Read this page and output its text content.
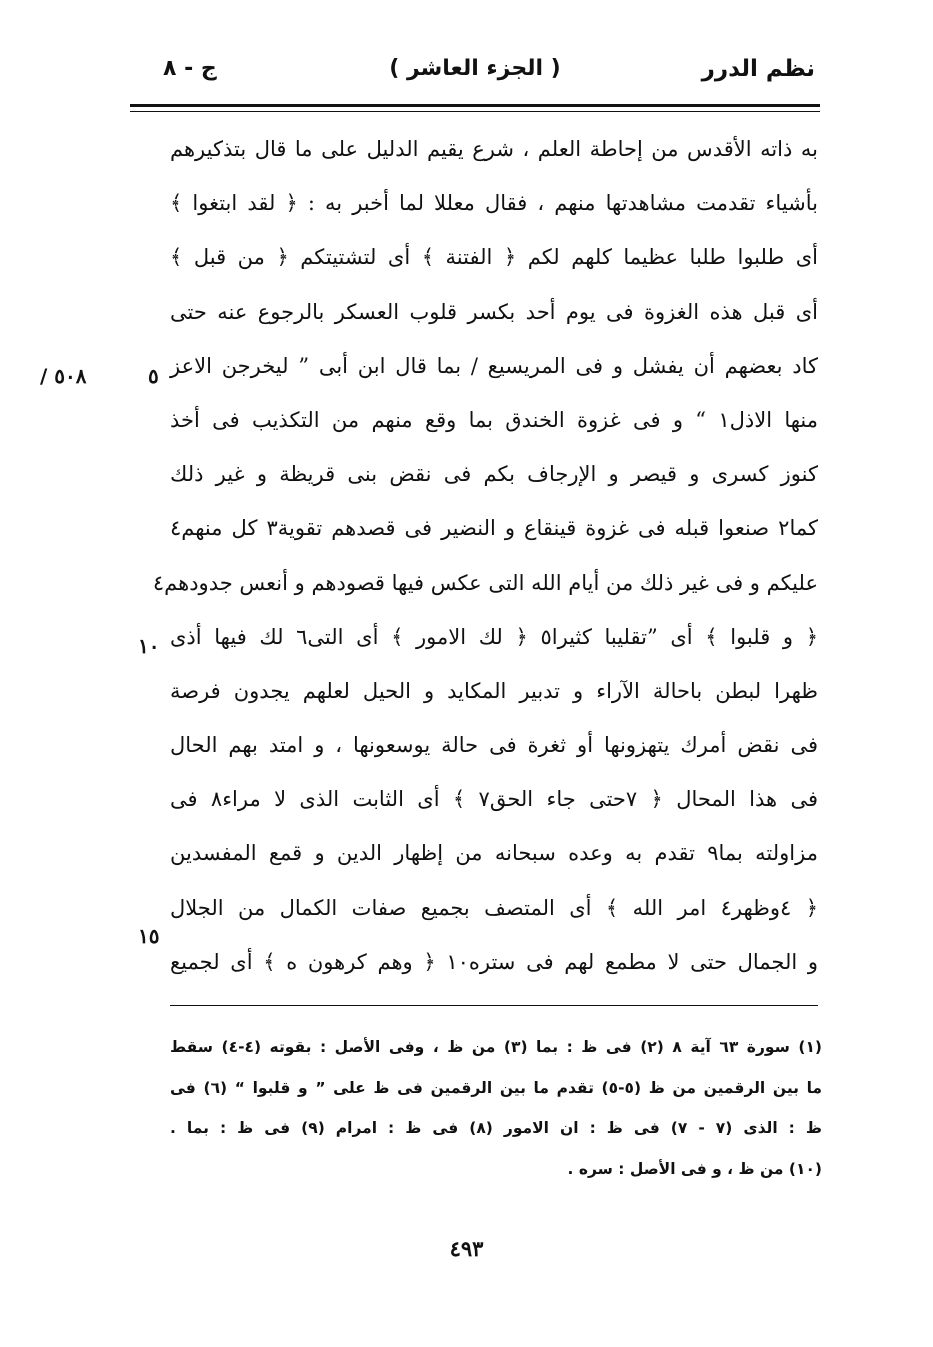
نظم الدرر
( الجزء العاشر )
ج - ٨
٥٠٨ /	٥
١٠
١٥
به ذاته الأقدس من إحاطة العلم ، شرع يقيم الدليل على ما قال بتذكيرهم
بأشياء تقدمت مشاهدتها منهم ، فقال معللا لما أخبر به : ﴿ لقد ابتغوا ﴾
أى طلبوا طلبا عظيما كلهم لكم ﴿ الفتنة ﴾ أى لتشتيتكم ﴿ من قبل ﴾
أى قبل هذه الغزوة فى يوم أحد بكسر قلوب العسكر بالرجوع عنه حتى
كاد بعضهم أن يفشل و فى المريسيع / بما قال ابن أبى ” ليخرجن الاعز
منها الاذل١ “ و فى غزوة الخندق بما وقع منهم من التكذيب فى أخذ
كنوز كسرى و قيصر و الإرجاف بكم فى نقض بنى قريظة و غير ذلك
كما٢ صنعوا قبله فى غزوة قينقاع و النضير فى قصدهم تقوية٣ كل منهم٤
عليكم و فى غير ذلك من أيام الله التى عكس فيها قصودهم و أنعس جدودهم٤
﴿ و قلبوا ﴾ أى ”تقليبا كثيرا٥ ﴿ لك الامور ﴾ أى التى٦ لك فيها أذى
ظهرا لبطن باحالة الآراء و تدبير المكايد و الحيل لعلهم يجدون فرصة
فى نقض أمرك يتهزونها أو ثغرة فى حالة يوسعونها ، و امتد بهم الحال
فى هذا المحال ﴿ ٧حتى جاء الحق٧ ﴾ أى الثابت الذى لا مراء٨ فى
مزاولته بما٩ تقدم به وعده سبحانه من إظهار الدين و قمع المفسدين
﴿ ٤وظهر٤ امر الله ﴾ أى المتصف بجميع صفات الكمال من الجلال
و الجمال حتى لا مطمع لهم فى ستره١٠ ﴿ وهم كرهون ه ﴾ أى لجميع
(١) سورة ٦٣ آية ٨ (٢) فى ظ : بما (٣) من ظ ، وفى الأصل : بقوته (٤-٤) سقط
ما بين الرقمين من ظ (٥-٥) تقدم ما بين الرقمين فى ظ على ” و قلبوا “ (٦) فى
ظ : الذى (٧ - ٧) فى ظ : ان الامور (٨) فى ظ : امرام (٩) فى ظ : بما .
(١٠) من ظ ، و فى الأصل : سره .
٤٩٣
